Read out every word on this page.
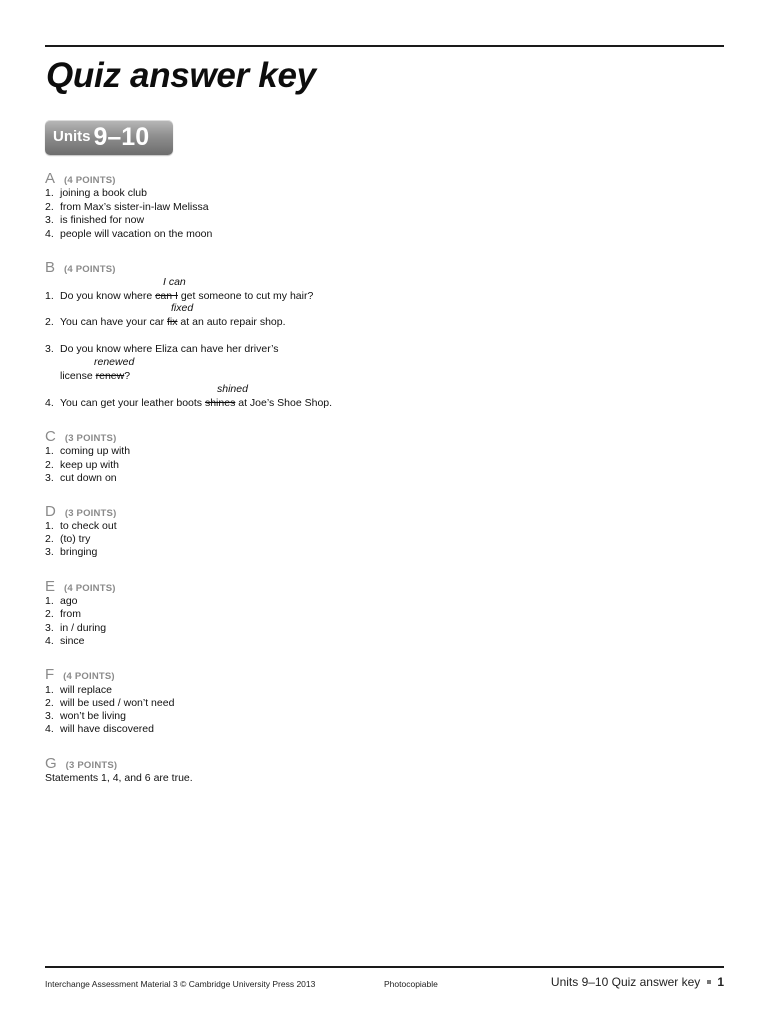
Quiz answer key
Units 9–10
A (4 POINTS)
1. joining a book club
2. from Max’s sister-in-law Melissa
3. is finished for now
4. people will vacation on the moon
B (4 POINTS)
I can
1. Do you know where can I get someone to cut my hair?
fixed
2. You can have your car fix at an auto repair shop.
3. Do you know where Eliza can have her driver’s
renewed
license renew?
shined
4. You can get your leather boots shines at Joe’s Shoe Shop.
C (3 POINTS)
1. coming up with
2. keep up with
3. cut down on
D (3 POINTS)
1. to check out
2. (to) try
3. bringing
E (4 POINTS)
1. ago
2. from
3. in / during
4. since
F (4 POINTS)
1. will replace
2. will be used / won’t need
3. won’t be living
4. will have discovered
G (3 POINTS)
Statements 1, 4, and 6 are true.
Interchange Assessment Material 3 © Cambridge University Press 2013	Photocopiable	Units 9–10 Quiz answer key 1
